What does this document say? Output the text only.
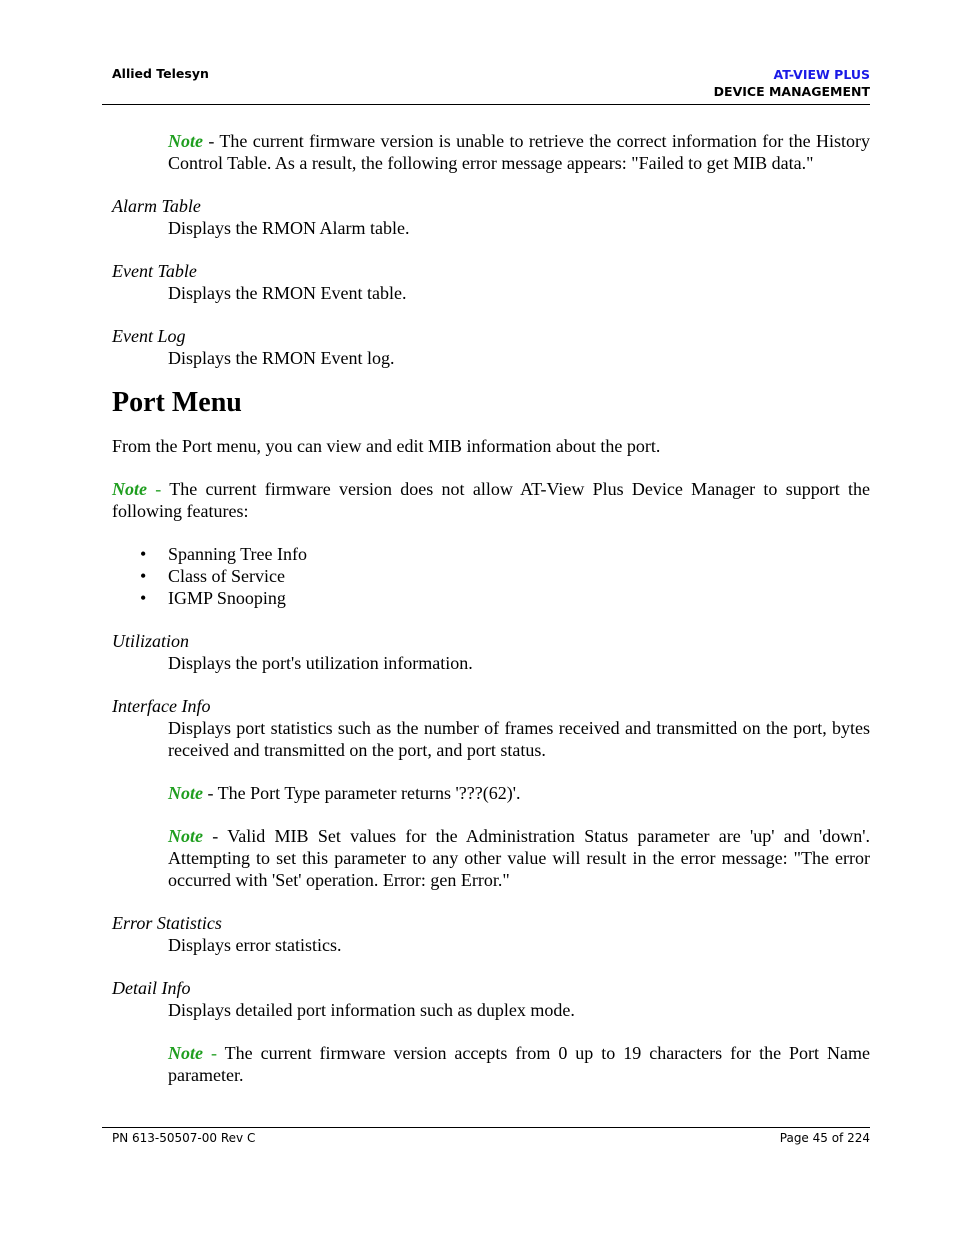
Allied Telesyn	AT-VIEW PLUS
DEVICE MANAGEMENT

Note - The current firmware version is unable to retrieve the correct information for the History Control Table. As a result, the following error message appears: "Failed to get MIB data."

Alarm Table

Displays the RMON Alarm table.

Event Table

Displays the RMON Event table.

Event Log

Displays the RMON Event log.

Port Menu

From the Port menu, you can view and edit MIB information about the port.

Note - The current firmware version does not allow AT-View Plus Device Manager to support the following features:

• Spanning Tree Info
• Class of Service
• IGMP Snooping

Utilization

Displays the port's utilization information.

Interface Info

Displays port statistics such as the number of frames received and transmitted on the port, bytes received and transmitted on the port, and port status.

Note - The Port Type parameter returns '???(62)'.

Note - Valid MIB Set values for the Administration Status parameter are 'up' and 'down'. Attempting to set this parameter to any other value will result in the error message: "The error occurred with 'Set' operation. Error: gen Error."

Error Statistics

Displays error statistics.

Detail Info

Displays detailed port information such as duplex mode.

Note - The current firmware version accepts from 0 up to 19 characters for the Port Name parameter.

PN 613-50507-00 Rev C	Page 45 of 224
